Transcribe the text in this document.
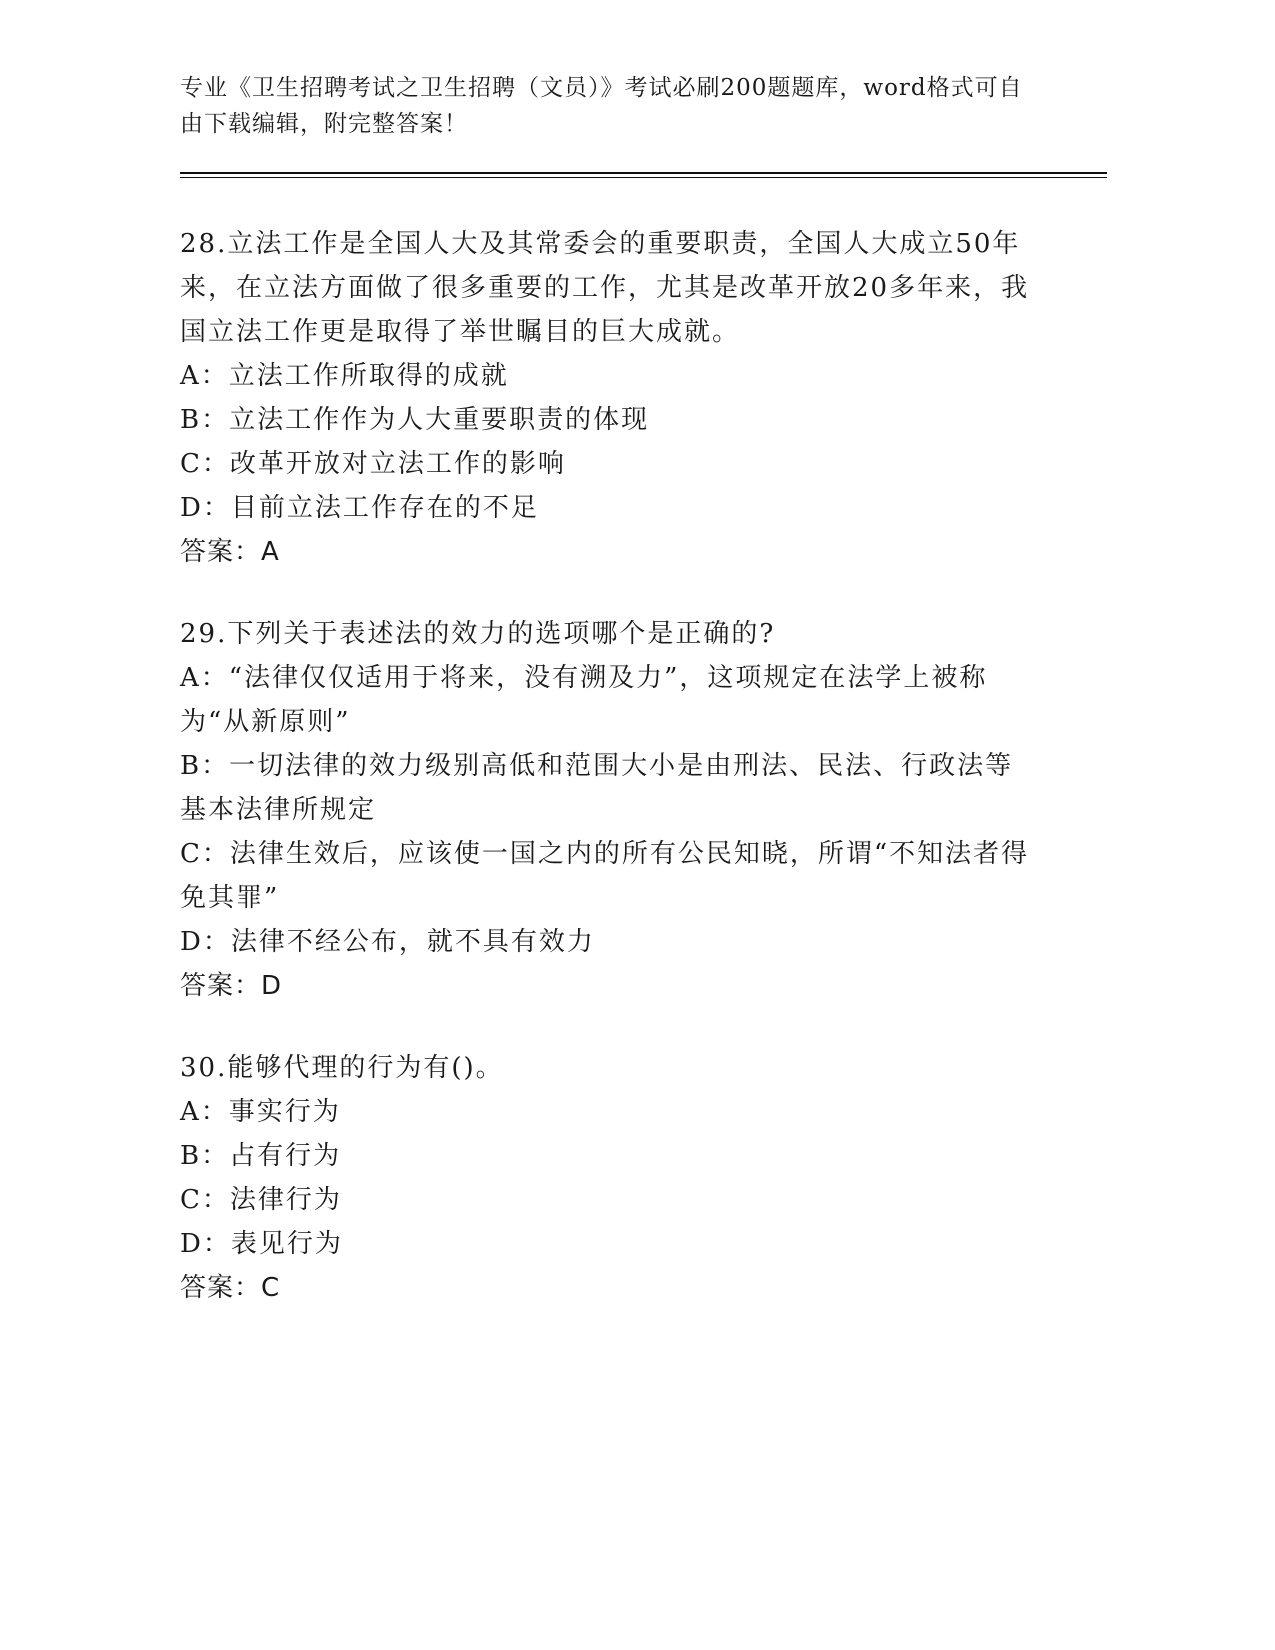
专业《卫生招聘考试之卫生招聘（文员）》考试必刷200题题库，word格式可自由下载编辑，附完整答案！
28.立法工作是全国人大及其常委会的重要职责，全国人大成立50年来，在立法方面做了很多重要的工作，尤其是改革开放20多年来，我国立法工作更是取得了举世瞩目的巨大成就。
A：立法工作所取得的成就
B：立法工作作为人大重要职责的体现
C：改革开放对立法工作的影响
D：目前立法工作存在的不足
答案：A
29.下列关于表述法的效力的选项哪个是正确的?
A：“法律仅仅适用于将来，没有溯及力”，这项规定在法学上被称为“从新原则”
B：一切法律的效力级别高低和范围大小是由刑法、民法、行政法等基本法律所规定
C：法律生效后，应该使一国之内的所有公民知晓，所谓“不知法者得免其罪”
D：法律不经公布，就不具有效力
答案：D
30.能够代理的行为有()。
A：事实行为
B：占有行为
C：法律行为
D：表见行为
答案：C
